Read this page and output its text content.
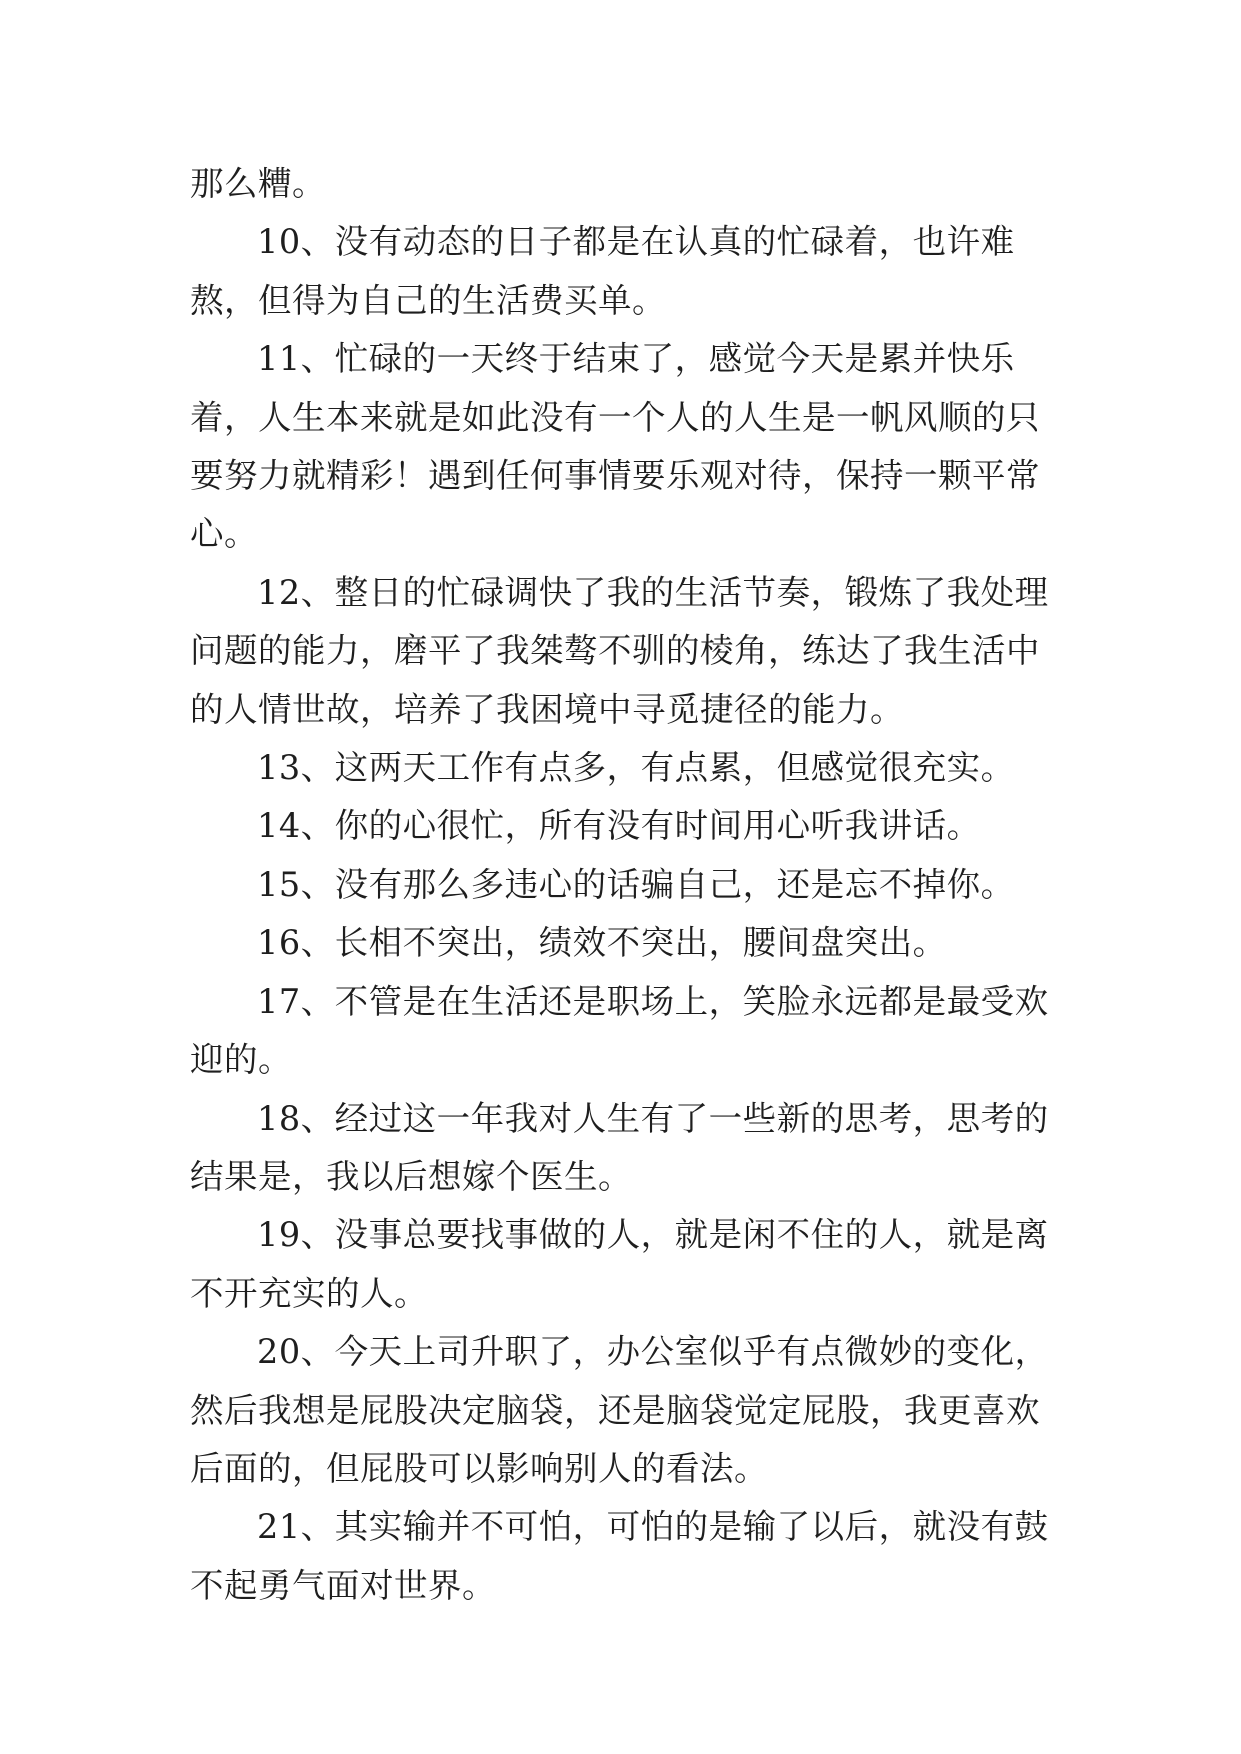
那么糟。

10、没有动态的日子都是在认真的忙碌着，也许难熬，但得为自己的生活费买单。

11、忙碌的一天终于结束了，感觉今天是累并快乐着，人生本来就是如此没有一个人的人生是一帆风顺的只要努力就精彩！遇到任何事情要乐观对待，保持一颗平常心。

12、整日的忙碌调快了我的生活节奏，锻炼了我处理问题的能力，磨平了我桀骜不驯的棱角，练达了我生活中的人情世故，培养了我困境中寻觅捷径的能力。

13、这两天工作有点多，有点累，但感觉很充实。

14、你的心很忙，所有没有时间用心听我讲话。

15、没有那么多违心的话骗自己，还是忘不掉你。

16、长相不突出，绩效不突出，腰间盘突出。

17、不管是在生活还是职场上，笑脸永远都是最受欢迎的。

18、经过这一年我对人生有了一些新的思考，思考的结果是，我以后想嫁个医生。

19、没事总要找事做的人，就是闲不住的人，就是离不开充实的人。

20、今天上司升职了，办公室似乎有点微妙的变化，然后我想是屁股决定脑袋，还是脑袋觉定屁股，我更喜欢后面的，但屁股可以影响别人的看法。

21、其实输并不可怕，可怕的是输了以后，就没有鼓不起勇气面对世界。
